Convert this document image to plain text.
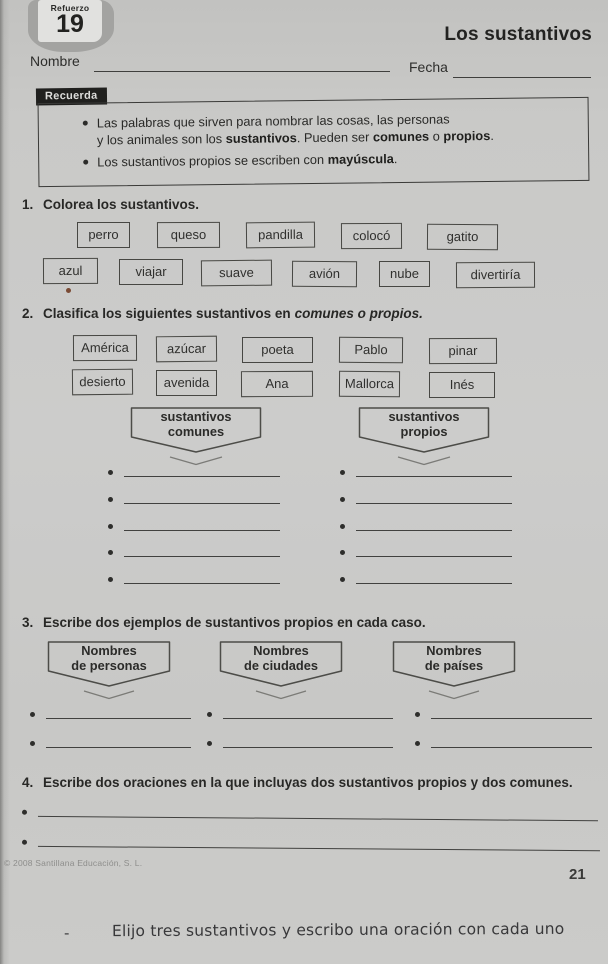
Refuerzo
19	Los sustantivos
Nombre	Fecha
Recuerda
Las palabras que sirven para nombrar las cosas, las personas
y los animales son los sustantivos. Pueden ser comunes o propios.
Los sustantivos propios se escriben con mayúscula.
1. Colorea los sustantivos.
perro	queso	pandilla	colocó	gatito
azul	viajar	suave	avión	nube	divertiría
2. Clasifica los siguientes sustantivos en comunes o propios.
América	azúcar	poeta	Pablo	pinar
desierto	avenida	Ana	Mallorca	Inés
sustantivos
comunes
sustantivos
propios
3. Escribe dos ejemplos de sustantivos propios en cada caso.
Nombres
de personas
Nombres
de ciudades
Nombres
de países
4. Escribe dos oraciones en la que incluyas dos sustantivos propios y dos comunes.
© 2008 Santillana Educación, S. L.
21
-	Elijo tres sustantivos y escribo una oración con cada uno
